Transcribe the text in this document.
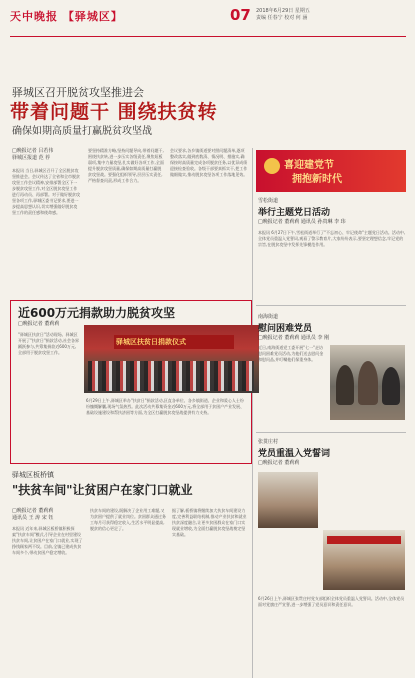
天中晚报 【驿城区】	07 2018年6月29日 星期五
责编 任春宁 校对 何 涵
驿城区召开脱贫攻坚推进会
带着问题干 围绕扶贫转
确保如期高质量打赢脱贫攻坚战
□晚报记者 吕若伟
驿城区报道 范 荐
本报讯 当日,驿城区召开了全区脱贫攻坚推进会。会议传达了全省和全市脱贫攻坚工作会议精神,安排部署全区下一步脱贫攻坚工作,对全区脱贫攻坚工作进行再动员、再部署。对于做好脱贫攻坚各项工作,驿城区委书记要求,要进一步提高思想认识,切实增强做好脱贫攻坚工作的责任感和使命感。
要坚持精准方略,坚持问题导向,带着问题干,围绕扶贫转,进一步压实各级责任,聚焦短板弱项,集中力量攻坚,扎实做好各项工作,全面提升脱贫攻坚质量,确保如期高质量打赢脱贫攻坚战。要强化组织领导,层层压实责任,严格督查问责,形成工作合力。
会议要求,各乡镇街道要对照问题清单,逐项整改落实,做到底数清、情况明、措施实,确保按时高质量完成各项脱贫任务,以优异成绩迎接检查验收。各级干部要真抓实干,把工作做细做实,推动脱贫攻坚各项工作落地见效。
喜迎建党节
拥抱新时代
雪松街道
举行主题党日活动
□晚报记者 董莉莉 通讯员 孙贵琳 李 玮
本报讯 6月27日下午,雪松街道举行了"不忘初心、牢记使命"主题党日活动。活动中,全体党员重温入党誓词,观看了警示教育片,大家纷纷表示,要坚定理想信念,牢记党的宗旨,在脱贫攻坚中发挥先锋模范作用。
近600万元捐款助力脱贫攻坚
□晚报记者 董莉莉
"驿城区扶贫日"活动现场。驿城区开展了"扶贫日"捐款活动,社会各界踊跃参与,共筹集捐款近600万元,全部用于脱贫攻坚工作。
驿城区扶贫日捐款仪式
6月29日上午,驿城区举办"扶贫日"捐款活动,区直各单位、各乡镇街道、企业和爱心人士纷纷慷慨解囊,现场气氛热烈。此次活动共募集资金近600万元,将全部用于贫困户产业发展、基础设施建设和帮扶济困等方面,为全区打赢脱贫攻坚战提供有力支持。
南海街道
慰问困难党员
□晚报记者 董莉莉 通讯员 李 刚
近日,南海街道党工委开展"七一"走访慰问困难党员活动,为他们送去慰问金和慰问品,并叮嘱他们保重身体。
驿城区板桥镇
"扶贫车间"让贫困户在家门口就业
□晚报记者 董莉莉
通讯员 王 涛 宋 钰
本报讯 近年来,驿城区板桥镇积极探索"扶贫车间"模式,引导企业在村里建设扶贫车间,让贫困户在家门口就业,实现了挣钱顾家两不误。目前,全镇已建成扶贫车间多个,带动贫困户稳定增收。
扶贫车间的建设,既解决了企业用工难题,又为贫困户提供了就业岗位。贫困群众通过务工每月可获得稳定收入,生活水平明显提高,脱贫的信心更足了。
据了解,板桥镇将继续加大扶贫车间建设力度,完善利益联结机制,推动产业扶贫和就业扶贫深度融合,让更多贫困群众在家门口实现就业增收,为全面打赢脱贫攻坚战奠定坚实基础。
张贯庄村
党员重温入党誓词
□晚报记者 董莉莉
6月26日上午,驿城区张贯庄村党支部组织全体党员重温入党誓词。活动中,全体党员面对党旗庄严宣誓,进一步增强了党员意识和责任意识。
